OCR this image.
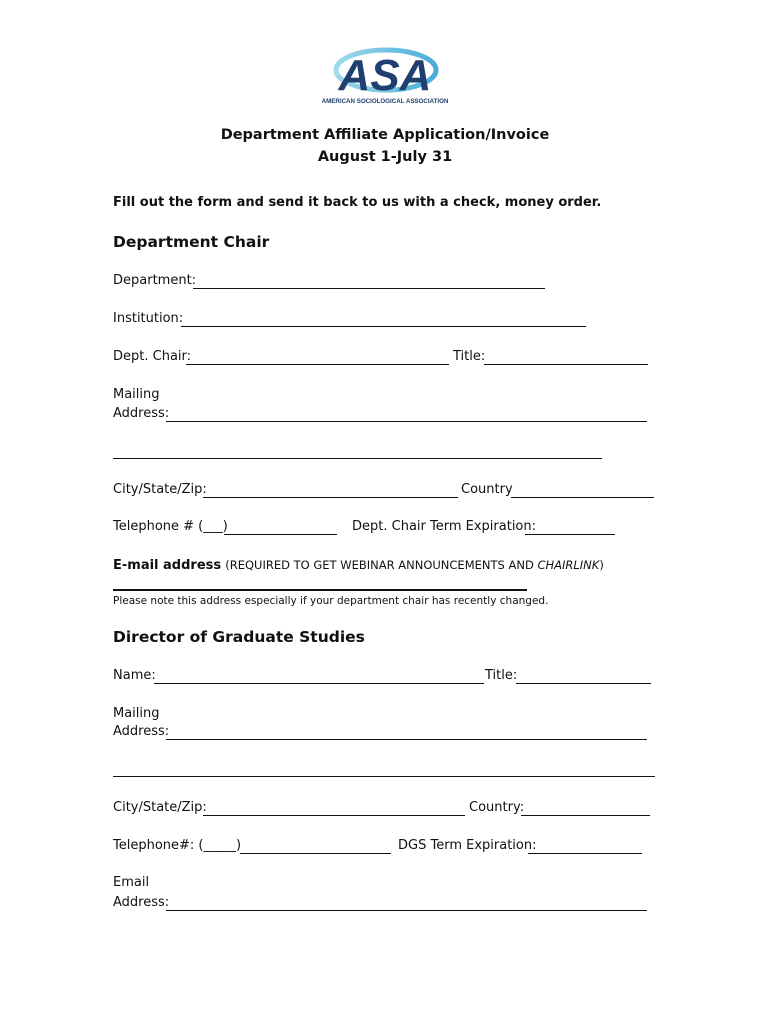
ASA
AMERICAN SOCIOLOGICAL ASSOCIATION
Department Affiliate Application/Invoice
August 1-July 31
Fill out the form and send it back to us with a check, money order.
Department Chair
Department:
Institution:
Dept. Chair:	Title:
Mailing
Address:
City/State/Zip:	Country
Telephone # (___)	Dept. Chair Term Expiration:
E-mail address (REQUIRED TO GET WEBINAR ANNOUNCEMENTS AND CHAIRLINK)
Please note this address especially if your department chair has recently changed.
Director of Graduate Studies
Name:	Title:
Mailing
Address:
City/State/Zip:	Country:
Telephone#: (_____)	DGS Term Expiration:
Email
Address:
